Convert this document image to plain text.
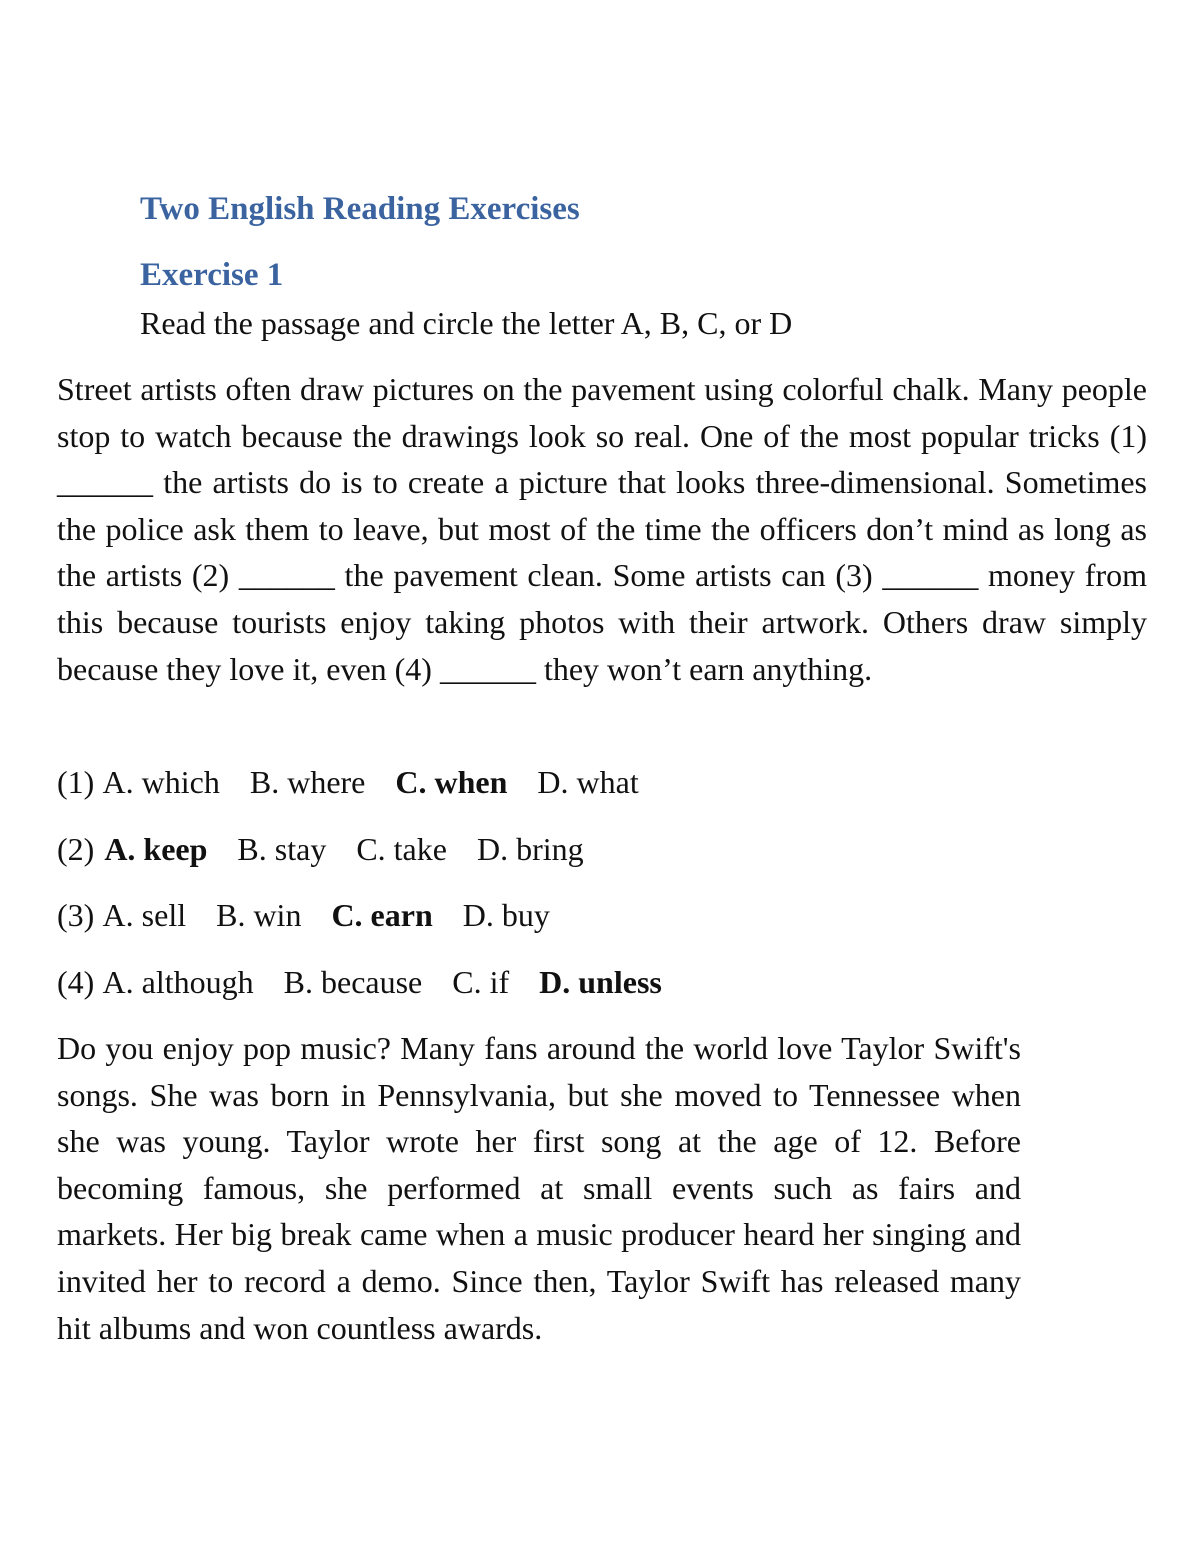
Two English Reading Exercises
Exercise 1
Read the passage and circle the letter A, B, C, or D

Street artists often draw pictures on the pavement using colorful chalk. Many people stop to watch because the drawings look so real. One of the most popular tricks (1) ______ the artists do is to create a picture that looks three-dimensional. Sometimes the police ask them to leave, but most of the time the officers don’t mind as long as the artists (2) ______ the pavement clean. Some artists can (3) ______ money from this because tourists enjoy taking photos with their artwork. Others draw simply because they love it, even (4) ______ they won’t earn anything.

(1) A. which B. where C. when D. what
(2) A. keep B. stay C. take D. bring
(3) A. sell B. win C. earn D. buy
(4) A. although B. because C. if D. unless

Do you enjoy pop music? Many fans around the world love Taylor Swift's songs. She was born in Pennsylvania, but she moved to Tennessee when she was young. Taylor wrote her first song at the age of 12. Before becoming famous, she performed at small events such as fairs and markets. Her big break came when a music producer heard her singing and invited her to record a demo. Since then, Taylor Swift has released many hit albums and won countless awards.
